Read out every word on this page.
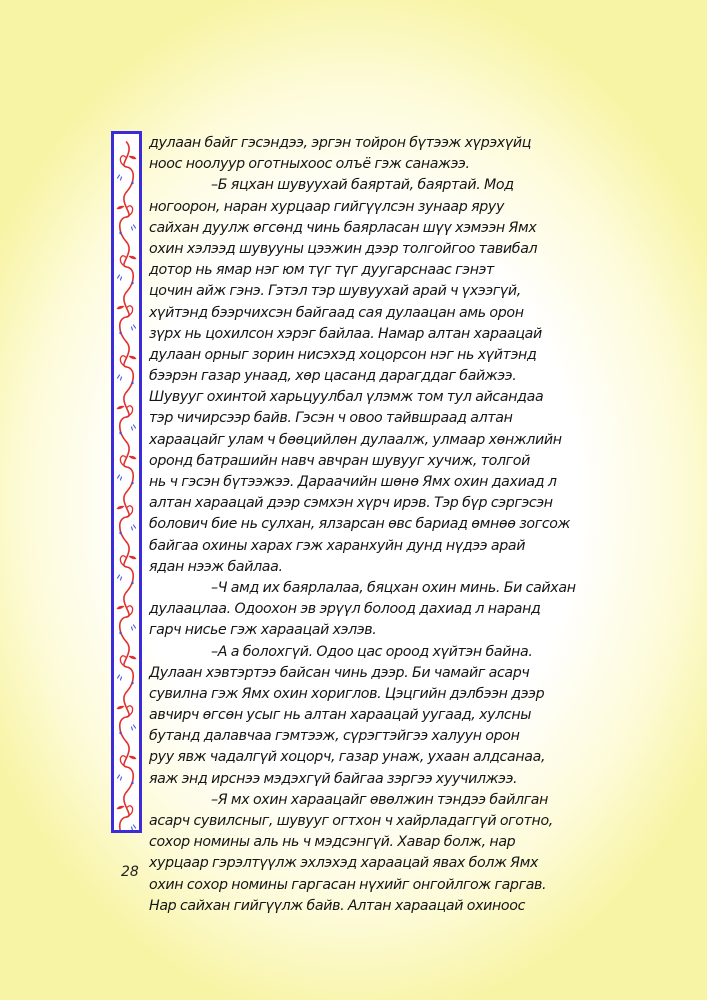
дулаан байг гэсэндээ, эргэн тойрон бүтээж хүрэхүйц
ноос ноолуур оготныхоос олъё гэж санажээ.
–Б яцхан шувуухай баяртай, баяртай. Мод
ногоорон, наран хурцаар гийгүүлсэн зунаар яруу
сайхан дуулж өгсөнд чинь баярласан шүү хэмээн Ямх
охин хэлээд шувууны цээжин дээр толгойгоо тавибал
дотор нь ямар нэг юм түг түг дуугарснаас гэнэт
цочин айж гэнэ. Гэтэл тэр шувуухай арай ч үхээгүй,
хүйтэнд бээрчихсэн байгаад сая дулаацан амь орон
зүрх нь цохилсон хэрэг байлаа. Намар алтан хараацай
дулаан орныг зорин нисэхэд хоцорсон нэг нь хүйтэнд
бээрэн газар унаад, хөр цасанд дарагддаг байжээ.
Шувууг охинтой харьцуулбал үлэмж том тул айсандаа
тэр чичирсээр байв. Гэсэн ч овоо тайвшраад алтан
хараацайг улам ч бөөцийлөн дулаалж, улмаар хөнжлийн
оронд батрашийн навч авчран шувууг хучиж, толгой
нь ч гэсэн бүтээжээ. Дараачийн шөнө Ямх охин дахиад л
алтан хараацай дээр сэмхэн хүрч ирэв. Тэр бүр сэргэсэн
болович бие нь сулхан, ялзарсан өвс бариад өмнөө зогсож
байгаа охины харах гэж харанхуйн дунд нүдээ арай
ядан нээж байлаа.
–Ч амд их баярлалаа, бяцхан охин минь. Би сайхан
дулаацлаа. Одоохон эв эрүүл болоод дахиад л наранд
гарч нисье гэж хараацай хэлэв.
–А а болохгүй. Одоо цас ороод хүйтэн байна.
Дулаан хэвтэртээ байсан чинь дээр. Би чамайг асарч
сувилна гэж Ямх охин хориглов. Цэцгийн дэлбээн дээр
авчирч өгсөн усыг нь алтан хараацай уугаад, хулсны
бутанд далавчаа гэмтээж, сүрэгтэйгээ халуун орон
руу явж чадалгүй хоцорч, газар унаж, ухаан алдсанаа,
яаж энд ирснээ мэдэхгүй байгаа зэргээ хуучилжээ.
–Я мх охин хараацайг өвөлжин тэндээ байлган
асарч сувилсныг, шувууг огтхон ч хайрладаггүй оготно,
сохор номины аль нь ч мэдсэнгүй. Хавар болж, нар
хурцаар гэрэлтүүлж эхлэхэд хараацай явах болж Ямх
охин сохор номины гаргасан нүхийг онгойлгож гаргав.
Нар сайхан гийгүүлж байв. Алтан хараацай охиноос
28
